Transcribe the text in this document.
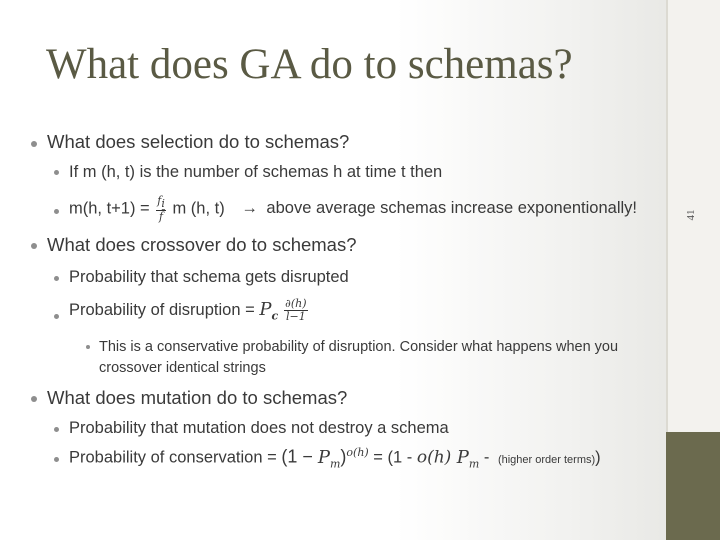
41
What does GA do to schemas?
What does selection do to schemas?
If m (h, t) is the number of schemas h at time t then
m(h, $t+1) = \frac{f_i}{f̄}$ m (h, t) → above average schemas increase exponentionally!
What does crossover do to schemas?
Probability that schema gets disrupted
Probability of disruption = $P_c \frac{\partial(h)}{l-1}$
This is a conservative probability of disruption. Consider what happens when you
crossover identical strings
What does mutation do to schemas?
Probability that mutation does not destroy a schema
Probability of conservation = $(1 - P_m)^{o(h)} = (1 - o(h)$ $P_m$ - (higher order terms))
